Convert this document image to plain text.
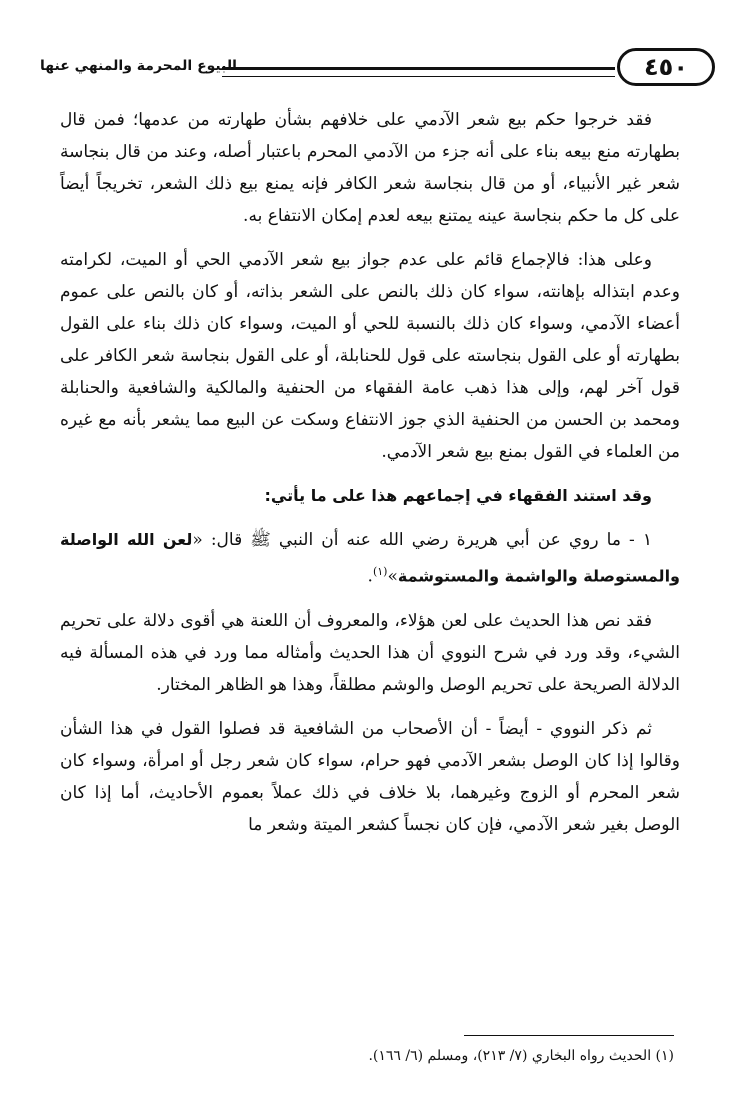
البيوع المحرمة والمنهي عنها	٤٥٠

فقد خرجوا حكم بيع شعر الآدمي على خلافهم بشأن طهارته من عدمها؛ فمن قال بطهارته منع بيعه بناء على أنه جزء من الآدمي المحرم باعتبار أصله، وعند من قال بنجاسة شعر غير الأنبياء، أو من قال بنجاسة شعر الكافر فإنه يمنع بيع ذلك الشعر، تخريجاً أيضاً على كل ما حكم بنجاسة عينه يمتنع بيعه لعدم إمكان الانتفاع به.

وعلى هذا: فالإجماع قائم على عدم جواز بيع شعر الآدمي الحي أو الميت، لكرامته وعدم ابتذاله بإهانته، سواء كان ذلك بالنص على الشعر بذاته، أو كان بالنص على عموم أعضاء الآدمي، وسواء كان ذلك بالنسبة للحي أو الميت، وسواء كان ذلك بناء على القول بطهارته أو على القول بنجاسته على قول للحنابلة، أو على القول بنجاسة شعر الكافر على قول آخر لهم، وإلى هذا ذهب عامة الفقهاء من الحنفية والمالكية والشافعية والحنابلة ومحمد بن الحسن من الحنفية الذي جوز الانتفاع وسكت عن البيع مما يشعر بأنه مع غيره من العلماء في القول بمنع بيع شعر الآدمي.

وقد استند الفقهاء في إجماعهم هذا على ما يأتي:

١ - ما روي عن أبي هريرة رضي الله عنه أن النبي ﷺ قال: «لعن الله الواصلة والمستوصلة والواشمة والمستوشمة»$^{(١)}$.

فقد نص هذا الحديث على لعن هؤلاء، والمعروف أن اللعنة هي أقوى دلالة على تحريم الشيء، وقد ورد في شرح النووي أن هذا الحديث وأمثاله مما ورد في هذه المسألة فيه الدلالة الصريحة على تحريم الوصل والوشم مطلقاً، وهذا هو الظاهر المختار.

ثم ذكر النووي - أيضاً - أن الأصحاب من الشافعية قد فصلوا القول في هذا الشأن وقالوا إذا كان الوصل بشعر الآدمي فهو حرام، سواء كان شعر رجل أو امرأة، وسواء كان شعر المحرم أو الزوج وغيرهما، بلا خلاف في ذلك عملاً بعموم الأحاديث، أما إذا كان الوصل بغير شعر الآدمي، فإن كان نجساً كشعر الميتة وشعر ما

(١) الحديث رواه البخاري (٧/ ٢١٣)، ومسلم (٦/ ١٦٦).
